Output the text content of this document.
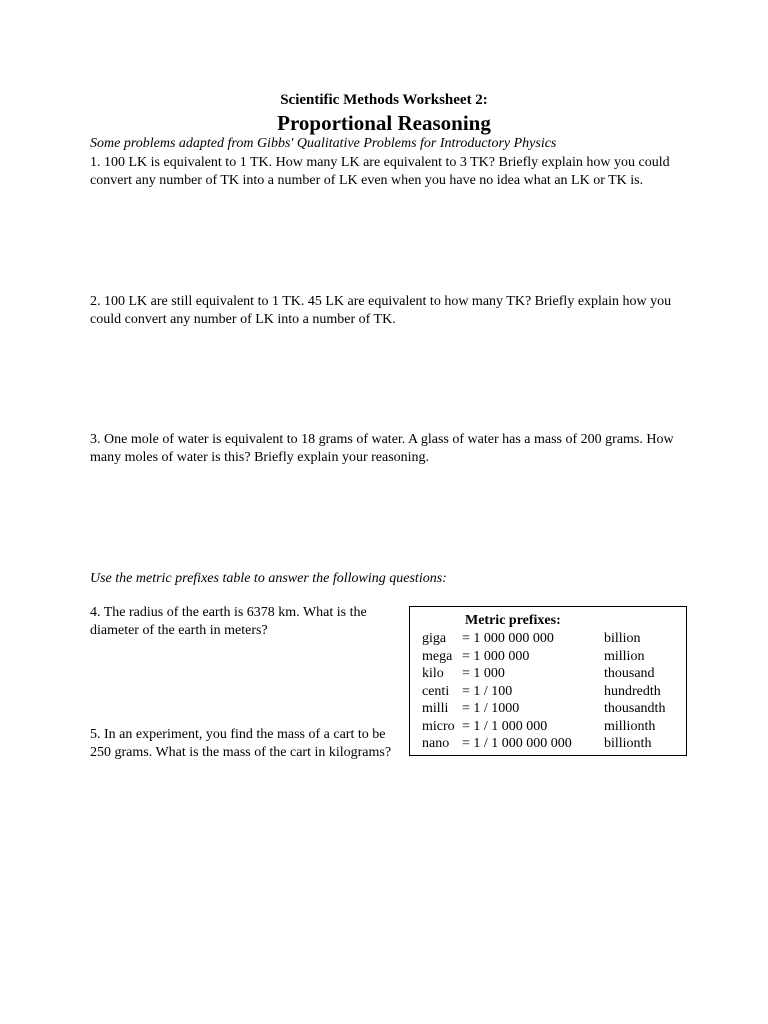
Scientific Methods Worksheet 2:
Proportional Reasoning
Some problems adapted from Gibbs' Qualitative Problems for Introductory Physics
1. 100 LK is equivalent to 1 TK. How many LK are equivalent to 3 TK? Briefly explain how you could convert any number of TK into a number of LK even when you have no idea what an LK or TK is.
2. 100 LK are still equivalent to 1 TK. 45 LK are equivalent to how many TK? Briefly explain how you could convert any number of LK into a number of TK.
3. One mole of water is equivalent to 18 grams of water. A glass of water has a mass of 200 grams. How many moles of water is this? Briefly explain your reasoning.
Use the metric prefixes table to answer the following questions:
4. The radius of the earth is 6378 km. What is the diameter of the earth in meters?
5. In an experiment, you find the mass of a cart to be 250 grams. What is the mass of the cart in kilograms?
Metric prefixes:
giga	= 1 000 000 000	billion
mega	= 1 000 000	million
kilo	= 1 000	thousand
centi	= 1 / 100	hundredth
milli	= 1 / 1000	thousandth
micro	= 1 / 1 000 000	millionth
nano	= 1 / 1 000 000 000	billionth
